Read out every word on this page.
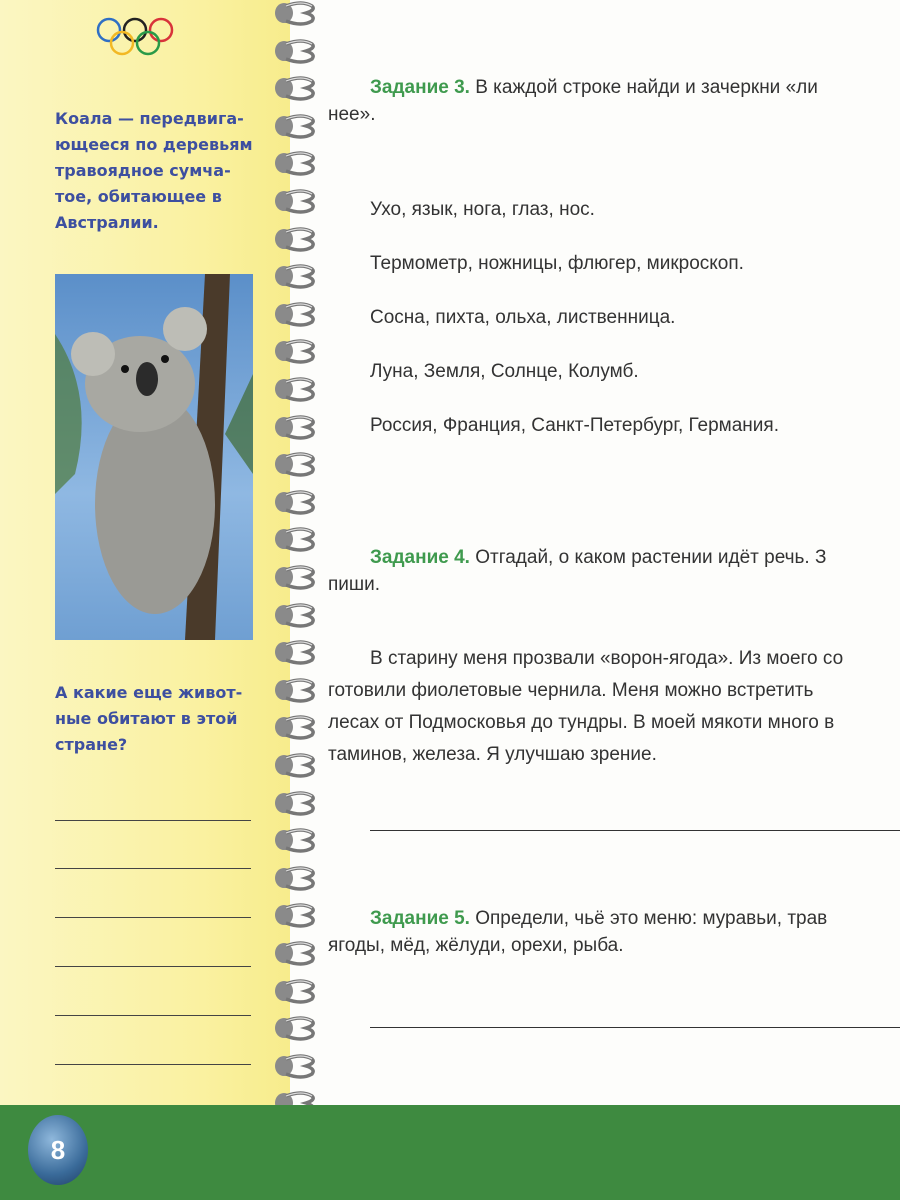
Коала — передвига-
ющееся по деревьям
травоядное сумча-
тое, обитающее в
Австралии.
А какие еще живот-
ные обитают в этой
стране?
Задание 3. В каждой строке найди и зачеркни «ли
нее».
Ухо, язык, нога, глаз, нос.
Термометр, ножницы, флюгер, микроскоп.
Сосна, пихта, ольха, лиственница.
Луна, Земля, Солнце, Колумб.
Россия, Франция, Санкт-Петербург, Германия.
Задание 4. Отгадай, о каком растении идёт речь. З
пиши.
В старину меня прозвали «ворон-ягода». Из моего со
готовили фиолетовые чернила. Меня можно встретить
лесах от Подмосковья до тундры. В моей мякоти много в
таминов, железа. Я улучшаю зрение.
Задание 5. Определи, чьё это меню: муравьи, трав
ягоды, мёд, жёлуди, орехи, рыба.
8
